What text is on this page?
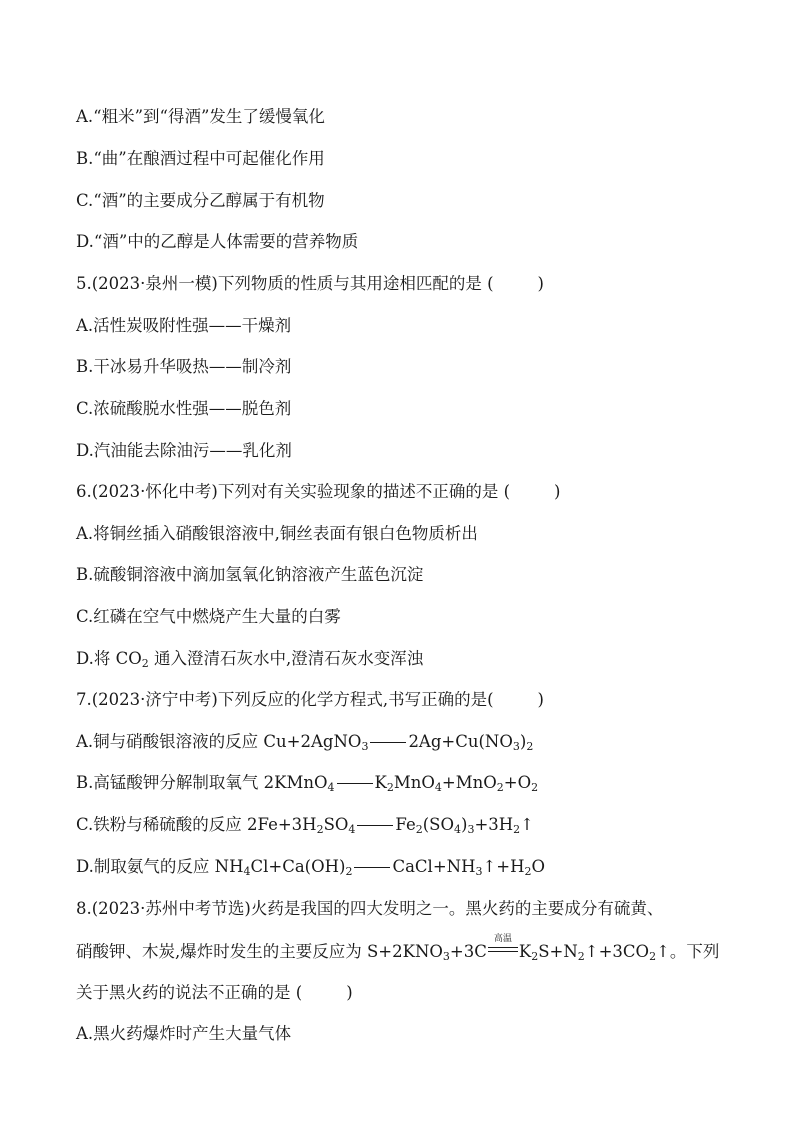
A.“粗米”到“得酒”发生了缓慢氧化
B.“曲”在酿酒过程中可起催化作用
C.“酒”的主要成分乙醇属于有机物
D.“酒”中的乙醇是人体需要的营养物质
5.(2023·泉州一模)下列物质的性质与其用途相匹配的是 (	)
A.活性炭吸附性强——干燥剂
B.干冰易升华吸热——制冷剂
C.浓硫酸脱水性强——脱色剂
D.汽油能去除油污——乳化剂
6.(2023·怀化中考)下列对有关实验现象的描述不正确的是 (	)
A.将铜丝插入硝酸银溶液中,铜丝表面有银白色物质析出
B.硫酸铜溶液中滴加氢氧化钠溶液产生蓝色沉淀
C.红磷在空气中燃烧产生大量的白雾
D.将 $CO_2$ 通入澄清石灰水中,澄清石灰水变浑浊
7.(2023·济宁中考)下列反应的化学方程式,书写正确的是(	)
A.铜与硝酸银溶液的反应 Cu+2AgNO$_3$ $2Ag+Cu(NO_3)_2$
B.高锰酸钾分解制取氧气 2KMnO$_4$ $K_2MnO_4+MnO_2+O_2$
C.铁粉与稀硫酸的反应 $2Fe+3H_2SO_4$ $Fe_2(SO_4)_3+3H_2↑$
D.制取氨气的反应 $NH_4Cl+Ca(OH)_2$ $CaCl+NH_3↑+H_2O$
8.(2023·苏州中考节选)火药是我国的四大发明之一。黑火药的主要成分有硫黄、
硝酸钾、木炭,爆炸时发生的主要反应为 $S+2KNO_3+3C$
高温
$K_2S+N_2↑+3CO_2↑$。下列
关于黑火药的说法不正确的是 (	)
A.黑火药爆炸时产生大量气体
